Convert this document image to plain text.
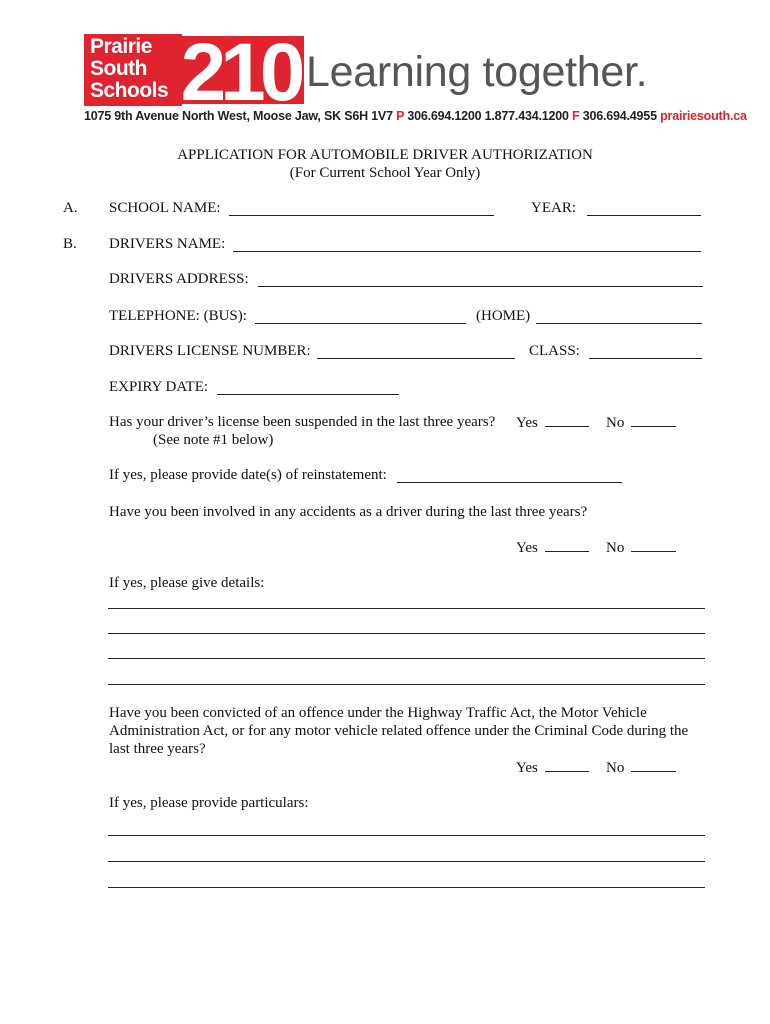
Prairie
South
Schools 210 Learning together.
1075 9th Avenue North West, Moose Jaw, SK S6H 1V7 P 306.694.1200 1.877.434.1200 F 306.694.4955 prairiesouth.ca
APPLICATION FOR AUTOMOBILE DRIVER AUTHORIZATION
(For Current School Year Only)
A. SCHOOL NAME:	YEAR:
B. DRIVERS NAME:
DRIVERS ADDRESS:
TELEPHONE: (BUS):	(HOME)
DRIVERS LICENSE NUMBER:	CLASS:
EXPIRY DATE:
Has your driver’s license been suspended in the last three years?
(See note #1 below)
Yes	No
If yes, please provide date(s) of reinstatement:
Have you been involved in any accidents as a driver during the last three years?
Yes	No
If yes, please give details:
Have you been convicted of an offence under the Highway Traffic Act, the Motor Vehicle
Administration Act, or for any motor vehicle related offence under the Criminal Code during the
last three years?
Yes	No
If yes, please provide particulars:
